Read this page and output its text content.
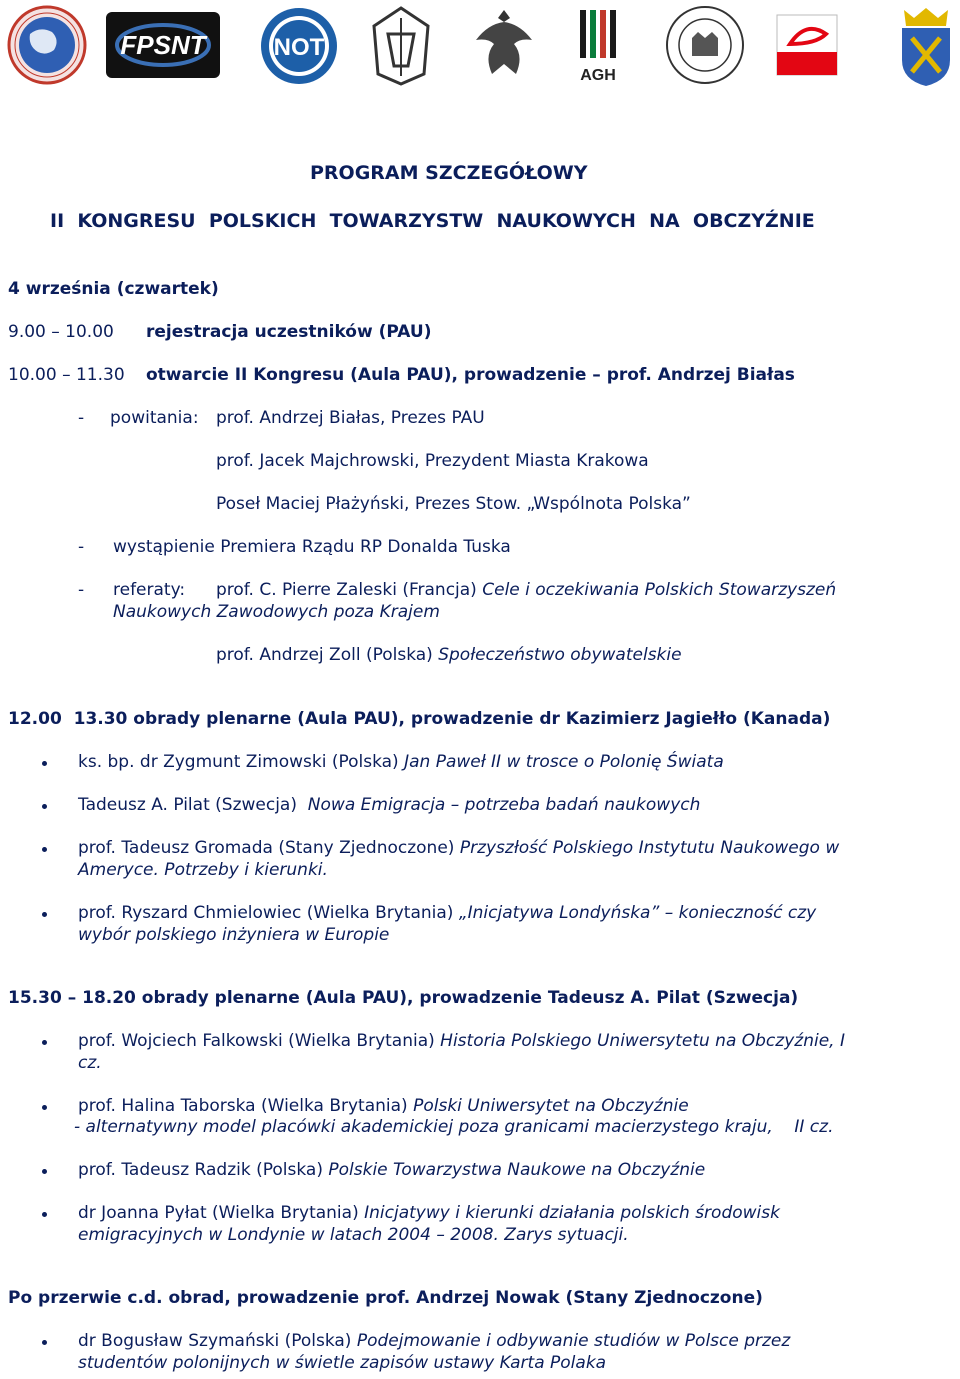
FPSNT	NOT
AGH
PROGRAM SZCZEGÓŁOWY
II  KONGRESU  POLSKICH  TOWARZYSTW  NAUKOWYCH  NA  OBCZYŹNIE
4 września (czwartek)
9.00 – 10.00 rejestracja uczestników (PAU)
10.00 – 11.30 otwarcie II Kongresu (Aula PAU), prowadzenie – prof. Andrzej Białas
- powitania: prof. Andrzej Białas, Prezes PAU
prof. Jacek Majchrowski, Prezydent Miasta Krakowa
Poseł Maciej Płażyński, Prezes Stow. „Wspólnota Polska”
- wystąpienie Premiera Rządu RP Donalda Tuska
- referaty: prof. C. Pierre Zaleski (Francja) Cele i oczekiwania Polskich Stowarzyszeń
Naukowych Zawodowych poza Krajem
prof. Andrzej Zoll (Polska) Społeczeństwo obywatelskie
12.00  13.30 obrady plenarne (Aula PAU), prowadzenie dr Kazimierz Jagiełło (Kanada)
ks. bp. dr Zygmunt Zimowski (Polska) Jan Paweł II w trosce o Polonię Świata
Tadeusz A. Pilat (Szwecja)  Nowa Emigracja – potrzeba badań naukowych
prof. Tadeusz Gromada (Stany Zjednoczone) Przyszłość Polskiego Instytutu Naukowego w
Ameryce. Potrzeby i kierunki.
prof. Ryszard Chmielowiec (Wielka Brytania) „Inicjatywa Londyńska” – konieczność czy
wybór polskiego inżyniera w Europie
15.30 – 18.20 obrady plenarne (Aula PAU), prowadzenie Tadeusz A. Pilat (Szwecja)
prof. Wojciech Falkowski (Wielka Brytania) Historia Polskiego Uniwersytetu na Obczyźnie, I
cz.
prof. Halina Taborska (Wielka Brytania) Polski Uniwersytet na Obczyźnie
- alternatywny model placówki akademickiej poza granicami macierzystego kraju,    II cz.
prof. Tadeusz Radzik (Polska) Polskie Towarzystwa Naukowe na Obczyźnie
dr Joanna Pyłat (Wielka Brytania) Inicjatywy i kierunki działania polskich środowisk
emigracyjnych w Londynie w latach 2004 – 2008. Zarys sytuacji.
Po przerwie c.d. obrad, prowadzenie prof. Andrzej Nowak (Stany Zjednoczone)
dr Bogusław Szymański (Polska) Podejmowanie i odbywanie studiów w Polsce przez
studentów polonijnych w świetle zapisów ustawy Karta Polaka
